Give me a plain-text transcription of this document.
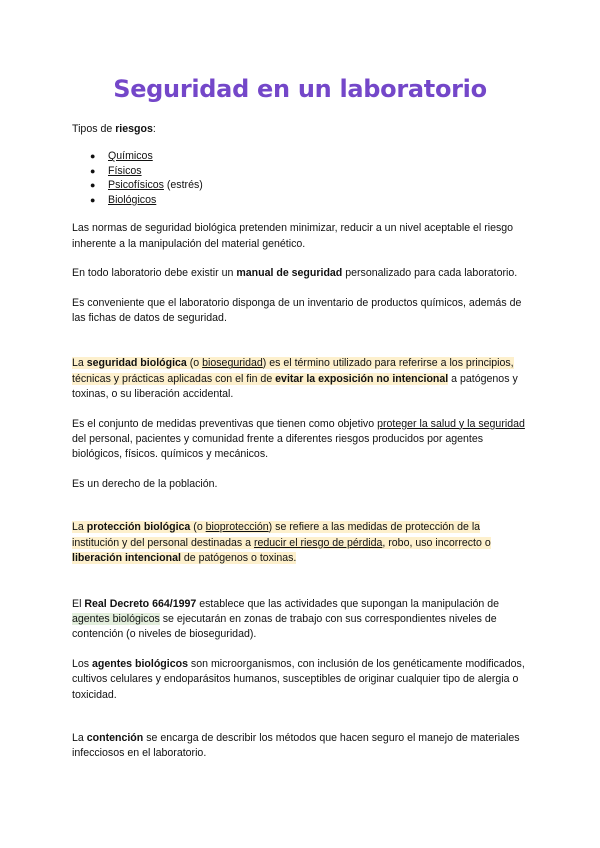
Seguridad en un laboratorio

Tipos de riesgos:

● Químicos
● Físicos
● Psicofísicos (estrés)
● Biológicos

Las normas de seguridad biológica pretenden minimizar, reducir a un nivel aceptable el riesgo inherente a la manipulación del material genético.

En todo laboratorio debe existir un manual de seguridad personalizado para cada laboratorio.

Es conveniente que el laboratorio disponga de un inventario de productos químicos, además de las fichas de datos de seguridad.

La seguridad biológica (o bioseguridad) es el término utilizado para referirse a los principios, técnicas y prácticas aplicadas con el fin de evitar la exposición no intencional a patógenos y toxinas, o su liberación accidental.

Es el conjunto de medidas preventivas que tienen como objetivo proteger la salud y la seguridad del personal, pacientes y comunidad frente a diferentes riesgos producidos por agentes biológicos, físicos. químicos y mecánicos.

Es un derecho de la población.

La protección biológica (o bioprotección) se refiere a las medidas de protección de la institución y del personal destinadas a reducir el riesgo de pérdida, robo, uso incorrecto o liberación intencional de patógenos o toxinas.

El Real Decreto 664/1997 establece que las actividades que supongan la manipulación de agentes biológicos se ejecutarán en zonas de trabajo con sus correspondientes niveles de contención (o niveles de bioseguridad).

Los agentes biológicos son microorganismos, con inclusión de los genéticamente modificados, cultivos celulares y endoparásitos humanos, susceptibles de originar cualquier tipo de alergia o toxicidad.

La contención se encarga de describir los métodos que hacen seguro el manejo de materiales infecciosos en el laboratorio.
